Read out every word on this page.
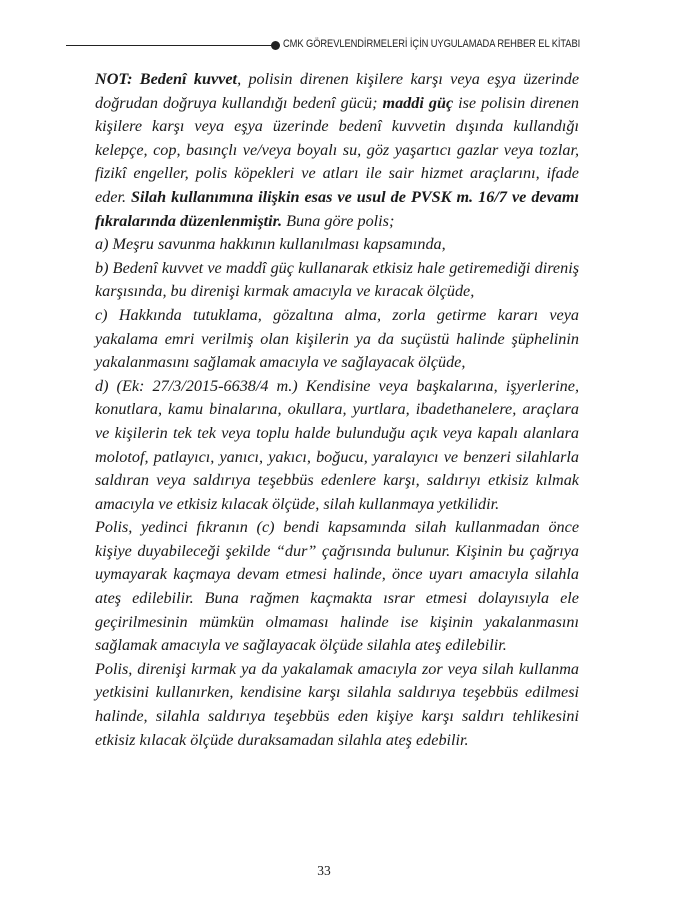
CMK GÖREVLENDİRMELERİ İÇİN UYGULAMADA REHBER EL KİTABI

NOT: Bedenî kuvvet, polisin direnen kişilere karşı veya eşya üzerinde doğrudan doğruya kullandığı bedenî gücü; maddi güç ise polisin direnen kişilere karşı veya eşya üzerinde bedenî kuvvetin dışında kullandığı kelepçe, cop, basınçlı ve/veya boyalı su, göz yaşartıcı gazlar veya tozlar, fizikî engeller, polis köpekleri ve atları ile sair hizmet araçlarını, ifade eder. Silah kullanımına ilişkin esas ve usul de PVSK m. 16/7 ve devamı fıkralarında düzenlenmiştir. Buna göre polis;

a) Meşru savunma hakkının kullanılması kapsamında,

b) Bedenî kuvvet ve maddî güç kullanarak etkisiz hale getiremediği direniş karşısında, bu direnişi kırmak amacıyla ve kıracak ölçüde,

c) Hakkında tutuklama, gözaltına alma, zorla getirme kararı veya yakalama emri verilmiş olan kişilerin ya da suçüstü halinde şüphelinin yakalanmasını sağlamak amacıyla ve sağlayacak ölçüde,

d) (Ek: 27/3/2015-6638/4 m.) Kendisine veya başkalarına, işyerlerine, konutlara, kamu binalarına, okullara, yurtlara, ibadethanelere, araçlara ve kişilerin tek tek veya toplu halde bulunduğu açık veya kapalı alanlara molotof, patlayıcı, yanıcı, yakıcı, boğucu, yaralayıcı ve benzeri silahlarla saldıran veya saldırıya teşebbüs edenlere karşı, saldırıyı etkisiz kılmak amacıyla ve etkisiz kılacak ölçüde, silah kullanmaya yetkilidir.

Polis, yedinci fıkranın (c) bendi kapsamında silah kullanmadan önce kişiye duyabileceği şekilde “dur” çağrısında bulunur. Kişinin bu çağrıya uymayarak kaçmaya devam etmesi halinde, önce uyarı amacıyla silahla ateş edilebilir. Buna rağmen kaçmakta ısrar etmesi dolayısıyla ele geçirilmesinin mümkün olmaması halinde ise kişinin yakalanmasını sağlamak amacıyla ve sağlayacak ölçüde silahla ateş edilebilir.

Polis, direnişi kırmak ya da yakalamak amacıyla zor veya silah kullanma yetkisini kullanırken, kendisine karşı silahla saldırıya teşebbüs edilmesi halinde, silahla saldırıya teşebbüs eden kişiye karşı saldırı tehlikesini etkisiz kılacak ölçüde duraksamadan silahla ateş edebilir.

33
